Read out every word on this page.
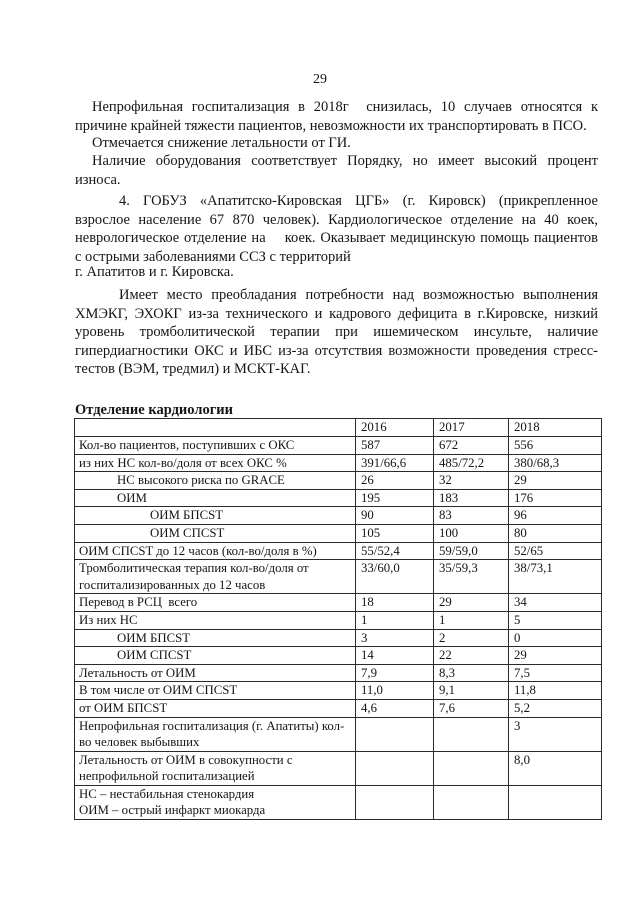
29
Непрофильная госпитализация в 2018г  снизилась, 10 случаев относятся к
причине крайней тяжести пациентов, невозможности их транспортировать в ПСО.
Отмечается снижение летальности от ГИ.
Наличие оборудования соответствует Порядку, но имеет высокий процент
износа.
4. ГОБУЗ «Апатитско-Кировская ЦГБ» (г. Кировск) (прикрепленное
взрослое население 67 870 человек). Кардиологическое отделение на 40 коек,
неврологическое отделение на    коек. Оказывает медицинскую помощь пациентов
с острыми заболеваниями ССЗ с территорий
г. Апатитов и г. Кировска.
Имеет место преобладания потребности над возможностью выполнения
ХМЭКГ, ЭХОКГ из-за технического и кадрового дефицита в г.Кировске, низкий
уровень тромболитической терапии при ишемическом инсульте, наличие
гипердиагностики ОКС и ИБС из-за отсутствия возможности проведения стресс-
тестов (ВЭМ, тредмил) и МСКТ-КАГ.
Отделение кардиологии
	2016	2017	2018

Кол-во пациентов, поступивших с ОКС	587	672	556

из них НС кол-во/доля от всех ОКС %	391/66,6	485/72,2	380/68,3

НС высокого риска по GRACE	26	32	29

ОИМ	195	183	176

ОИМ БПСST	90	83	96

ОИМ СПСST	105	100	80

ОИМ СПСST до 12 часов (кол-во/доля в %)	55/52,4	59/59,0	52/65

Тромболитическая терапия кол-во/доля от
госпитализированных до 12 часов	33/60,0	35/59,3	38/73,1

Перевод в РСЦ  всего	18	29	34

Из них НС	1	1	5

ОИМ БПСST	3	2	0

ОИМ СПСST	14	22	29

Летальность от ОИМ	7,9	8,3	7,5

В том числе от ОИМ СПСST	11,0	9,1	11,8

от ОИМ БПСST	4,6	7,6	5,2

Непрофильная госпитализация (г. Апатиты) кол-
во человек выбывших			3

Летальность от ОИМ в совокупности с
непрофильной госпитализацией			8,0

НС – нестабильная стенокардия
ОИМ – острый инфаркт миокарда			
